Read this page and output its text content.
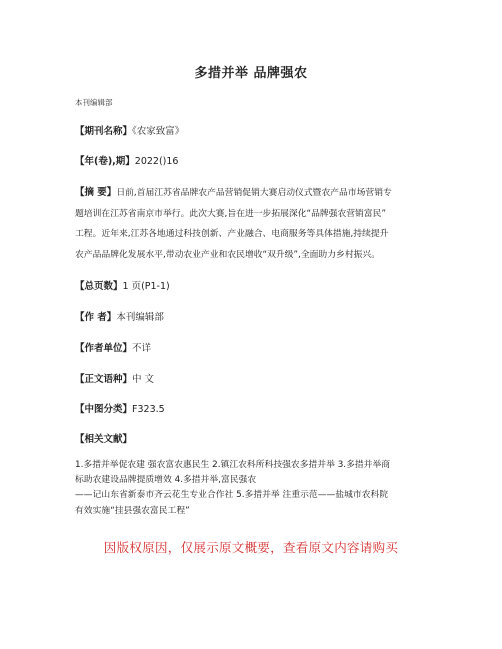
多措并举 品牌强农
本刊编辑部
【期刊名称】《农家致富》
【年(卷),期】2022()16
【摘 要】日前,首届江苏省品牌农产品营销促销大赛启动仪式暨农产品市场营销专
题培训在江苏省南京市举行。此次大赛,旨在进一步拓展深化“品牌强农营销富民”
工程。近年来,江苏各地通过科技创新、产业融合、电商服务等具体措施,持续提升
农产品品牌化发展水平,带动农业产业和农民增收“双升级”,全面助力乡村振兴。
【总页数】1 页(P1-1)
【作 者】本刊编辑部
【作者单位】不详
【正文语种】中 文
【中图分类】F323.5
【相关文献】
1.多措并举促农建 强农富农惠民生 2.镇江农科所科技强农多措并举 3.多措并举商
标助农建设品牌提质增效 4.多措并举,富民强农
——记山东省新泰市齐云花生专业合作社 5.多措并举 注重示范——盐城市农科院
有效实施“挂县强农富民工程”
因版权原因，仅展示原文概要，查看原文内容请购买
